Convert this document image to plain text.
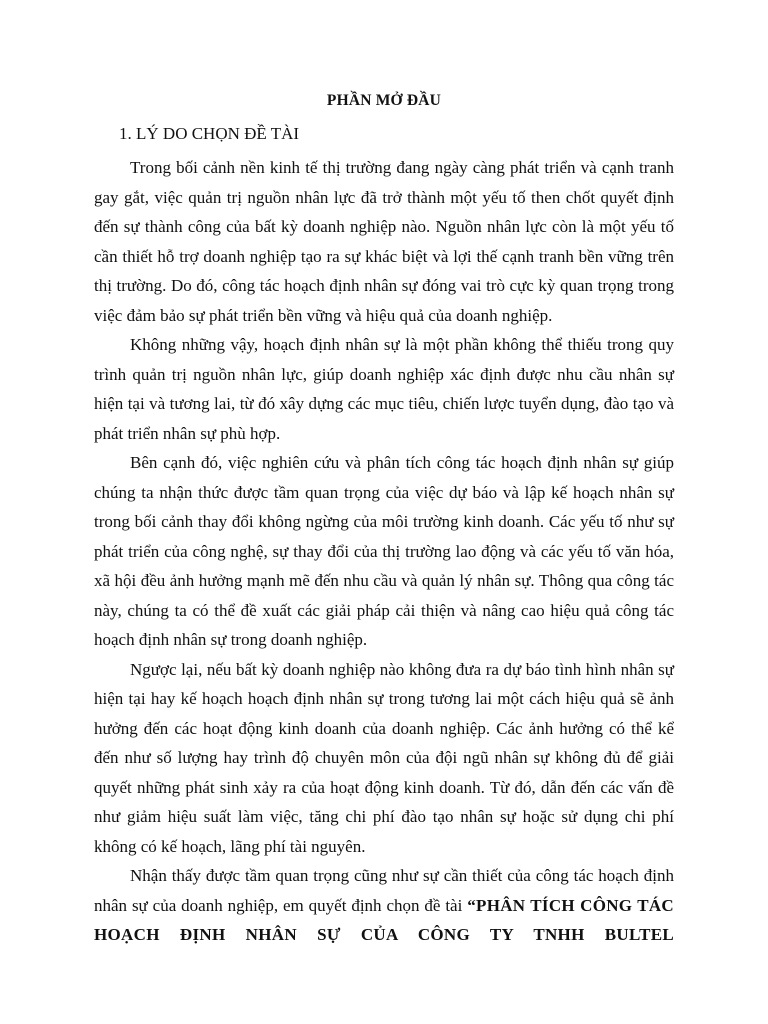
PHẦN MỞ ĐẦU
1. LÝ DO CHỌN ĐỀ TÀI

Trong bối cảnh nền kinh tế thị trường đang ngày càng phát triển và cạnh tranh gay gắt, việc quản trị nguồn nhân lực đã trở thành một yếu tố then chốt quyết định đến sự thành công của bất kỳ doanh nghiệp nào. Nguồn nhân lực còn là một yếu tố cần thiết hỗ trợ doanh nghiệp tạo ra sự khác biệt và lợi thế cạnh tranh bền vững trên thị trường. Do đó, công tác hoạch định nhân sự đóng vai trò cực kỳ quan trọng trong việc đảm bảo sự phát triển bền vững và hiệu quả của doanh nghiệp.

Không những vậy, hoạch định nhân sự là một phần không thể thiếu trong quy trình quản trị nguồn nhân lực, giúp doanh nghiệp xác định được nhu cầu nhân sự hiện tại và tương lai, từ đó xây dựng các mục tiêu, chiến lược tuyển dụng, đào tạo và phát triển nhân sự phù hợp.

Bên cạnh đó, việc nghiên cứu và phân tích công tác hoạch định nhân sự giúp chúng ta nhận thức được tầm quan trọng của việc dự báo và lập kế hoạch nhân sự trong bối cảnh thay đổi không ngừng của môi trường kinh doanh. Các yếu tố như sự phát triển của công nghệ, sự thay đổi của thị trường lao động và các yếu tố văn hóa, xã hội đều ảnh hưởng mạnh mẽ đến nhu cầu và quản lý nhân sự. Thông qua công tác này, chúng ta có thể đề xuất các giải pháp cải thiện và nâng cao hiệu quả công tác hoạch định nhân sự trong doanh nghiệp.

Ngược lại, nếu bất kỳ doanh nghiệp nào không đưa ra dự báo tình hình nhân sự hiện tại hay kế hoạch hoạch định nhân sự trong tương lai một cách hiệu quả sẽ ảnh hưởng đến các hoạt động kinh doanh của doanh nghiệp. Các ảnh hưởng có thể kể đến như số lượng hay trình độ chuyên môn của đội ngũ nhân sự không đủ để giải quyết những phát sinh xảy ra của hoạt động kinh doanh. Từ đó, dẫn đến các vấn đề như giảm hiệu suất làm việc, tăng chi phí đào tạo nhân sự hoặc sử dụng chi phí không có kế hoạch, lãng phí tài nguyên.

Nhận thấy được tầm quan trọng cũng như sự cần thiết của công tác hoạch định nhân sự của doanh nghiệp, em quyết định chọn đề tài “PHÂN TÍCH CÔNG TÁC HOẠCH ĐỊNH NHÂN SỰ CỦA CÔNG TY TNHH BULTEL
